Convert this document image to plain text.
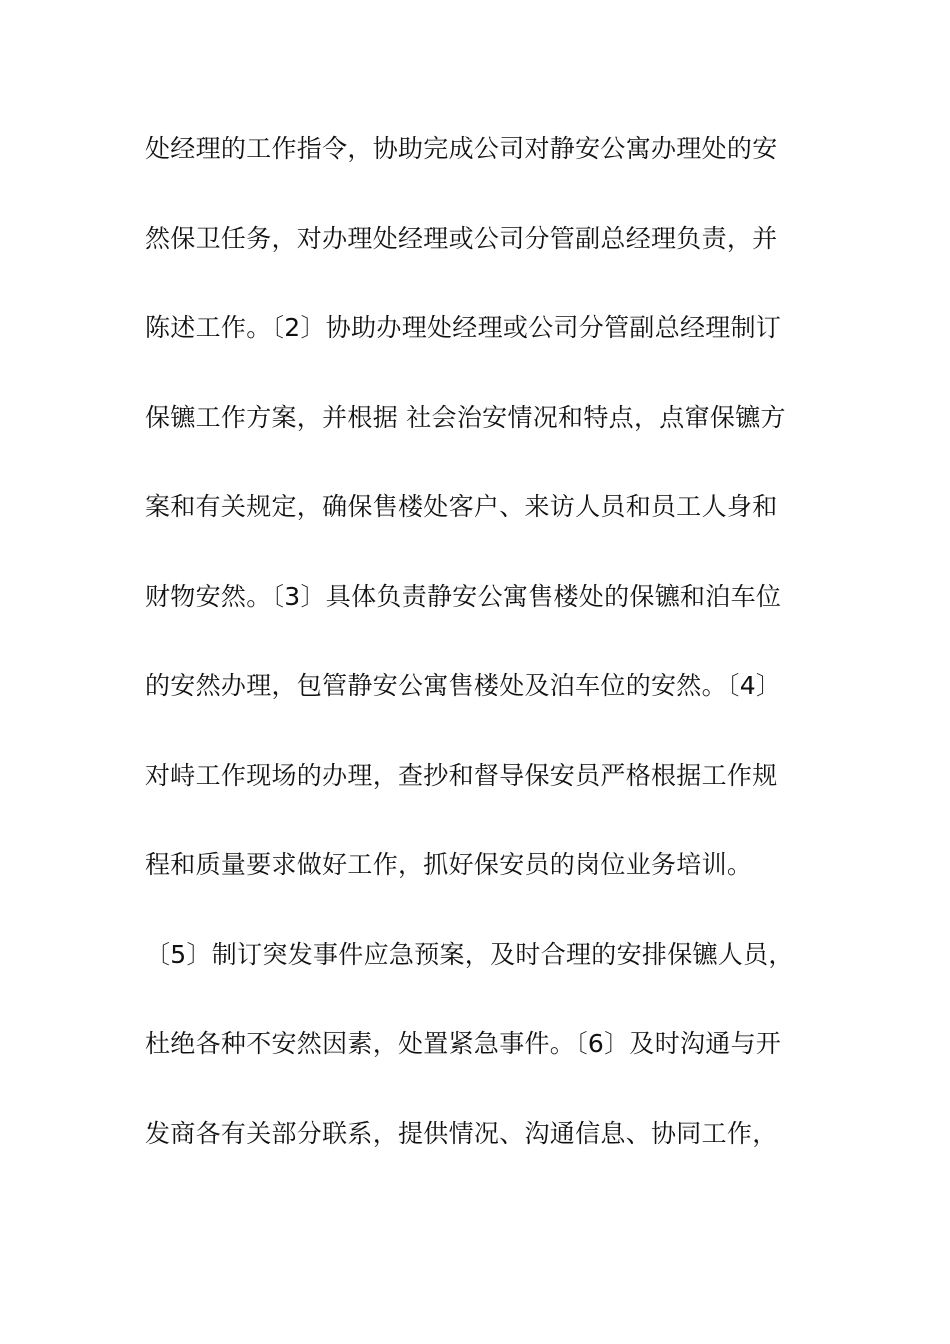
处经理的工作指令，协助完成公司对静安公寓办理处的安
然保卫任务，对办理处经理或公司分管副总经理负责，并
陈述工作。〔2〕协助办理处经理或公司分管副总经理制订
保镳工作方案，并根据 社会治安情况和特点，点窜保镳方
案和有关规定，确保售楼处客户、来访人员和员工人身和
财物安然。〔3〕具体负责静安公寓售楼处的保镳和泊车位
的安然办理，包管静安公寓售楼处及泊车位的安然。〔4〕
对峙工作现场的办理，查抄和督导保安员严格根据工作规
程和质量要求做好工作，抓好保安员的岗位业务培训。
〔5〕制订突发事件应急预案，及时合理的安排保镳人员，
杜绝各种不安然因素，处置紧急事件。〔6〕及时沟通与开
发商各有关部分联系，提供情况、沟通信息、协同工作，
